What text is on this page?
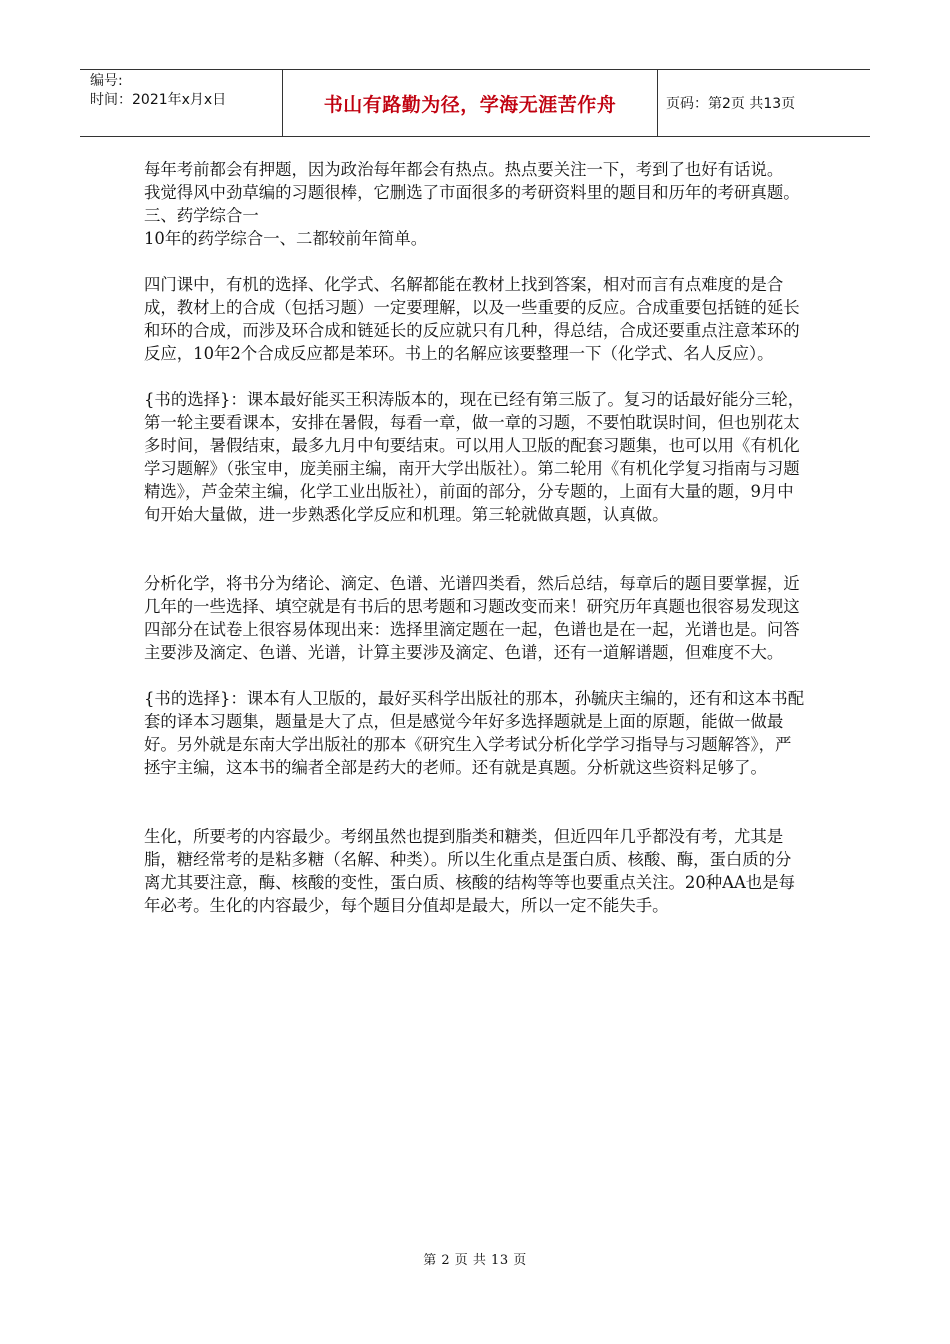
编号:
时间：2021年x月x日	书山有路勤为径，学海无涯苦作舟	页码：第2页 共13页

每年考前都会有押题，因为政治每年都会有热点。热点要关注一下，考到了也好有话说。

我觉得风中劲草编的习题很棒，它删选了市面很多的考研资料里的题目和历年的考研真题。

三、药学综合一

10年的药学综合一、二都较前年简单。

四门课中，有机的选择、化学式、名解都能在教材上找到答案，相对而言有点难度的是合成，教材上的合成（包括习题）一定要理解，以及一些重要的反应。合成重要包括链的延长和环的合成，而涉及环合成和链延长的反应就只有几种，得总结，合成还要重点注意苯环的反应，10年2个合成反应都是苯环。书上的名解应该要整理一下（化学式、名人反应）。

{书的选择}：课本最好能买王积涛版本的，现在已经有第三版了。复习的话最好能分三轮，第一轮主要看课本，安排在暑假，每看一章，做一章的习题，不要怕耽误时间，但也别花太多时间，暑假结束，最多九月中旬要结束。可以用人卫版的配套习题集，也可以用《有机化学习题解》（张宝申，庞美丽主编，南开大学出版社）。第二轮用《有机化学复习指南与习题精选》，芦金荣主编，化学工业出版社），前面的部分，分专题的，上面有大量的题，9月中旬开始大量做，进一步熟悉化学反应和机理。第三轮就做真题，认真做。

分析化学，将书分为绪论、滴定、色谱、光谱四类看，然后总结，每章后的题目要掌握，近几年的一些选择、填空就是有书后的思考题和习题改变而来！研究历年真题也很容易发现这四部分在试卷上很容易体现出来：选择里滴定题在一起，色谱也是在一起，光谱也是。问答主要涉及滴定、色谱、光谱，计算主要涉及滴定、色谱，还有一道解谱题，但难度不大。

{书的选择}：课本有人卫版的，最好买科学出版社的那本，孙毓庆主编的，还有和这本书配套的译本习题集，题量是大了点，但是感觉今年好多选择题就是上面的原题，能做一做最好。另外就是东南大学出版社的那本《研究生入学考试分析化学学习指导与习题解答》，严拯宇主编，这本书的编者全部是药大的老师。还有就是真题。分析就这些资料足够了。

生化，所要考的内容最少。考纲虽然也提到脂类和糖类，但近四年几乎都没有考，尤其是脂，糖经常考的是粘多糖（名解、种类）。所以生化重点是蛋白质、核酸、酶，蛋白质的分离尤其要注意，酶、核酸的变性，蛋白质、核酸的结构等等也要重点关注。20种AA也是每年必考。生化的内容最少，每个题目分值却是最大，所以一定不能失手。

第 2 页 共 13 页
